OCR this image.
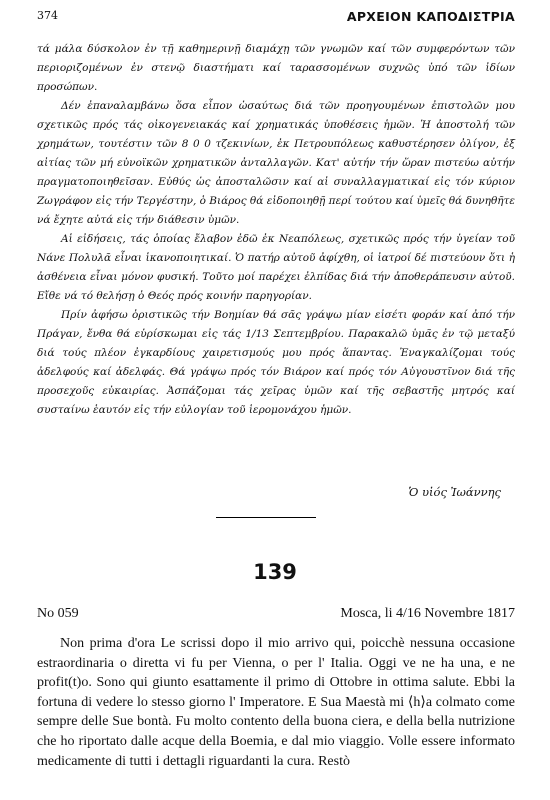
374	ΑΡΧΕΙΟΝ ΚΑΠΟΔΙΣΤΡΙΑ

τά μάλα δύσκολον ἐν τῇ καθημερινῇ διαμάχῃ τῶν γνωμῶν καί τῶν συμφερόντων τῶν περιοριζομένων ἐν στενῷ διαστήματι καί ταρασσομένων συχνῶς ὑπό τῶν ἰδίων προσώπων.

Δέν ἐπαναλαμβάνω ὅσα εἶπον ὡσαύτως διά τῶν προηγουμένων ἐπιστολῶν μου σχετικῶς πρός τάς οἰκογενειακάς καί χρηματικάς ὑποθέσεις ἡμῶν. Ἡ ἀποστολή τῶν χρημάτων, τουτέστιν τῶν 8 0 0 τζεκινίων, ἐκ Πετρουπόλεως καθυστέρησεν ὀλίγον, ἐξ αἰτίας τῶν μή εὐνοϊκῶν χρηματικῶν ἀνταλλαγῶν. Κατ' αὐτήν τήν ὥραν πιστεύω αὐτήν πραγματοποιηθεῖσαν. Εὐθύς ὡς ἀποσταλῶσιν καί αἱ συναλλαγματικαί εἰς τόν κύριον Ζωγράφον εἰς τήν Τεργέστην, ὁ Βιάρος θά εἰδοποιηθῇ περί τούτου καί ὑμεῖς θά δυνηθῆτε νά ἔχητε αὐτά εἰς τήν διάθεσιν ὑμῶν.

Αἱ εἰδήσεις, τάς ὁποίας ἔλαβον ἐδῶ ἐκ Νεαπόλεως, σχετικῶς πρός τήν ὑγείαν τοῦ Νάνε Πολυλᾶ εἶναι ἱκανοποιητικαί. Ὁ πατήρ αὐτοῦ ἀφίχθη, οἱ ἰατροί δέ πιστεύουν ὅτι ἡ ἀσθένεια εἶναι μόνον φυσική. Τοῦτο μοί παρέχει ἐλπίδας διά τήν ἀποθεράπευσιν αὐτοῦ. Εἴθε νά τό θελήσῃ ὁ Θεός πρός κοινήν παρηγορίαν.

Πρίν ἀφήσω ὁριστικῶς τήν Βοημίαν θά σᾶς γράψω μίαν εἰσέτι φοράν καί ἀπό τήν Πράγαν, ἔνθα θά εὑρίσκωμαι εἰς τάς 1/13 Σεπτεμβρίου. Παρακαλῶ ὑμᾶς ἐν τῷ μεταξύ διά τούς πλέον ἐγκαρδίους χαιρετισμούς μου πρός ἅπαντας. Ἐναγκαλίζομαι τούς ἀδελφούς καί ἀδελφάς. Θά γράψω πρός τόν Βιάρον καί πρός τόν Αὐγουστῖνον διά τῆς προσεχοῦς εὐκαιρίας. Ἀσπάζομαι τάς χεῖρας ὑμῶν καί τῆς σεβαστῆς μητρός καί συσταίνω ἑαυτόν εἰς τήν εὐλογίαν τοῦ ἱερομονάχου ἡμῶν.

Ὁ υἱός Ἰωάννης
139
No 059	Mosca, li 4/16 Novembre 1817

Non prima d'ora Le scrissi dopo il mio arrivo qui, poicchè nessuna occasione estraordinaria o diretta vi fu per Vienna, o per l' Italia. Oggi ve ne ha una, e ne profit(t)o. Sono qui giunto esattamente il primo di Ottobre in ottima salute. Ebbi la fortuna di vedere lo stesso giorno l' Imperatore. E Sua Maestà mi ⟨h⟩a colmato come sempre delle Sue bontà. Fu molto contento della buona ciera, e della bella nutrizione che ho riportato dalle acque della Boemia, e dal mio viaggio. Volle essere informato medicamente di tutti i dettagli riguardanti la cura. Restò
